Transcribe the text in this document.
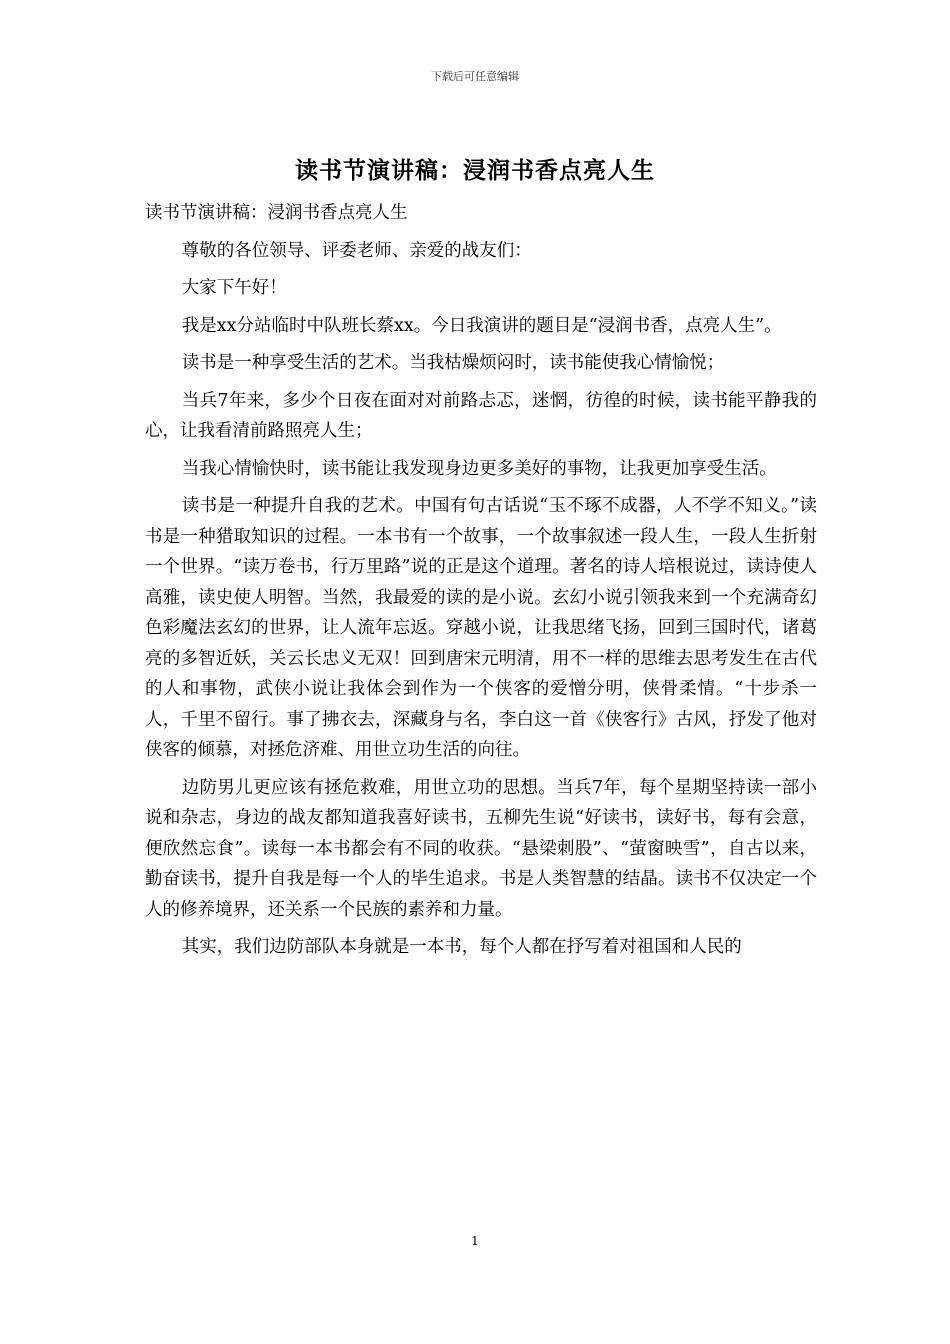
下载后可任意编辑
读书节演讲稿：浸润书香点亮人生

读书节演讲稿：浸润书香点亮人生

尊敬的各位领导、评委老师、亲爱的战友们：

大家下午好！

我是xx分站临时中队班长蔡xx。今日我演讲的题目是“浸润书香，点亮人生”。

读书是一种享受生活的艺术。当我枯燥烦闷时，读书能使我心情愉悦；

当兵7年来，多少个日夜在面对对前路忐忑，迷惘，彷徨的时候，读书能平静我的心，让我看清前路照亮人生；

当我心情愉快时，读书能让我发现身边更多美好的事物，让我更加享受生活。

读书是一种提升自我的艺术。中国有句古话说“玉不琢不成器，人不学不知义。”读书是一种猎取知识的过程。一本书有一个故事，一个故事叙述一段人生，一段人生折射一个世界。“读万卷书，行万里路”说的正是这个道理。著名的诗人培根说过，读诗使人高雅，读史使人明智。当然，我最爱的读的是小说。玄幻小说引领我来到一个充满奇幻色彩魔法玄幻的世界，让人流年忘返。穿越小说，让我思绪飞扬，回到三国时代，诸葛亮的多智近妖，关云长忠义无双！回到唐宋元明清，用不一样的思维去思考发生在古代的人和事物，武侠小说让我体会到作为一个侠客的爱憎分明，侠骨柔情。“十步杀一人，千里不留行。事了拂衣去，深藏身与名，李白这一首《侠客行》古风，抒发了他对侠客的倾慕，对拯危济难、用世立功生活的向往。

边防男儿更应该有拯危救难，用世立功的思想。当兵7年，每个星期坚持读一部小说和杂志，身边的战友都知道我喜好读书，五柳先生说“好读书，读好书，每有会意，便欣然忘食”。读每一本书都会有不同的收获。“悬梁刺股”、“萤窗映雪”，自古以来，勤奋读书，提升自我是每一个人的毕生追求。书是人类智慧的结晶。读书不仅决定一个人的修养境界，还关系一个民族的素养和力量。

其实，我们边防部队本身就是一本书，每个人都在抒写着对祖国和人民的

1
